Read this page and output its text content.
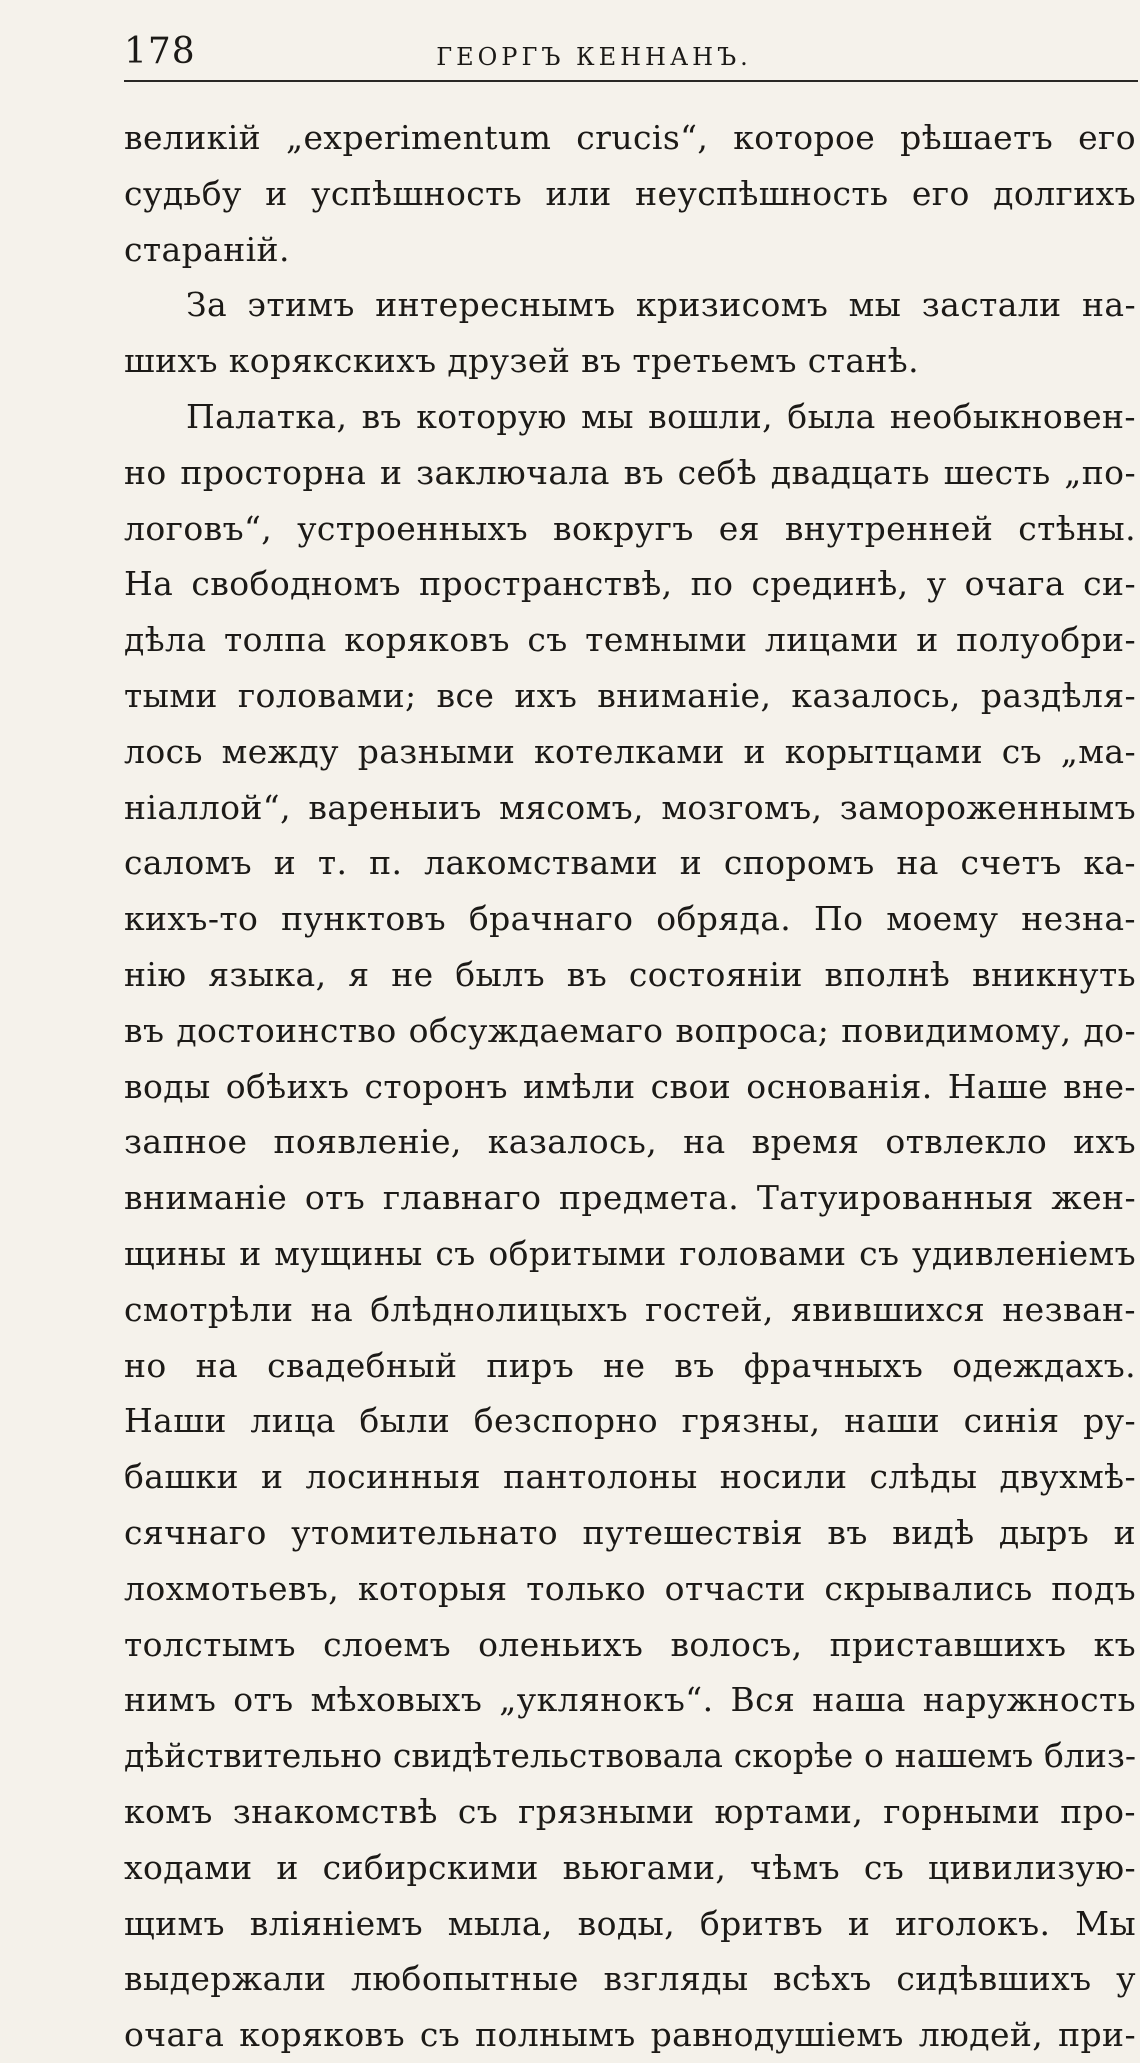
178	ГЕОРГЪ КЕННАНЪ.
великій „experimentum crucis“, которое рѣшаетъ его
судьбу и успѣшность или неуспѣшность его долгихъ
стараній.
За этимъ интереснымъ кризисомъ мы застали на-
шихъ корякскихъ друзей въ третьемъ станѣ.
Палатка, въ которую мы вошли, была необыкновен-
но просторна и заключала въ себѣ двадцать шесть „по-
логовъ“, устроенныхъ вокругъ ея внутренней стѣны.
На свободномъ пространствѣ, по срединѣ, у очага си-
дѣла толпа коряковъ съ темными лицами и полуобри-
тыми головами; все ихъ вниманіе, казалось, раздѣля-
лось между разными котелками и корытцами съ „ма-
ніаллой“, вареныиъ мясомъ, мозгомъ, замороженнымъ
саломъ и т. п. лакомствами и споромъ на счетъ ка-
кихъ-то пунктовъ брачнаго обряда. По моему незна-
нію языка, я не былъ въ состояніи вполнѣ вникнуть
въ достоинство обсуждаемаго вопроса; повидимому, до-
воды обѣихъ сторонъ имѣли свои основанія. Наше вне-
запное появленіе, казалось, на время отвлекло ихъ
вниманіе отъ главнаго предмета. Татуированныя жен-
щины и мущины съ обритыми головами съ удивленіемъ
смотрѣли на блѣднолицыхъ гостей, явившихся незван-
но на свадебный пиръ не въ фрачныхъ одеждахъ.
Наши лица были безспорно грязны, наши синія ру-
башки и лосинныя пантолоны носили слѣды двухмѣ-
сячнаго утомительнато путешествія въ видѣ дыръ и
лохмотьевъ, которыя только отчасти скрывались подъ
толстымъ слоемъ оленьихъ волосъ, приставшихъ къ
нимъ отъ мѣховыхъ „уклянокъ“. Вся наша наружность
дѣйствительно свидѣтельствовала скорѣе о нашемъ близ-
комъ знакомствѣ съ грязными юртами, горными про-
ходами и сибирскими вьюгами, чѣмъ съ цивилизую-
щимъ вліяніемъ мыла, воды, бритвъ и иголокъ. Мы
выдержали любопытные взгляды всѣхъ сидѣвшихъ у
очага коряковъ съ полнымъ равнодушіемъ людей, при-
